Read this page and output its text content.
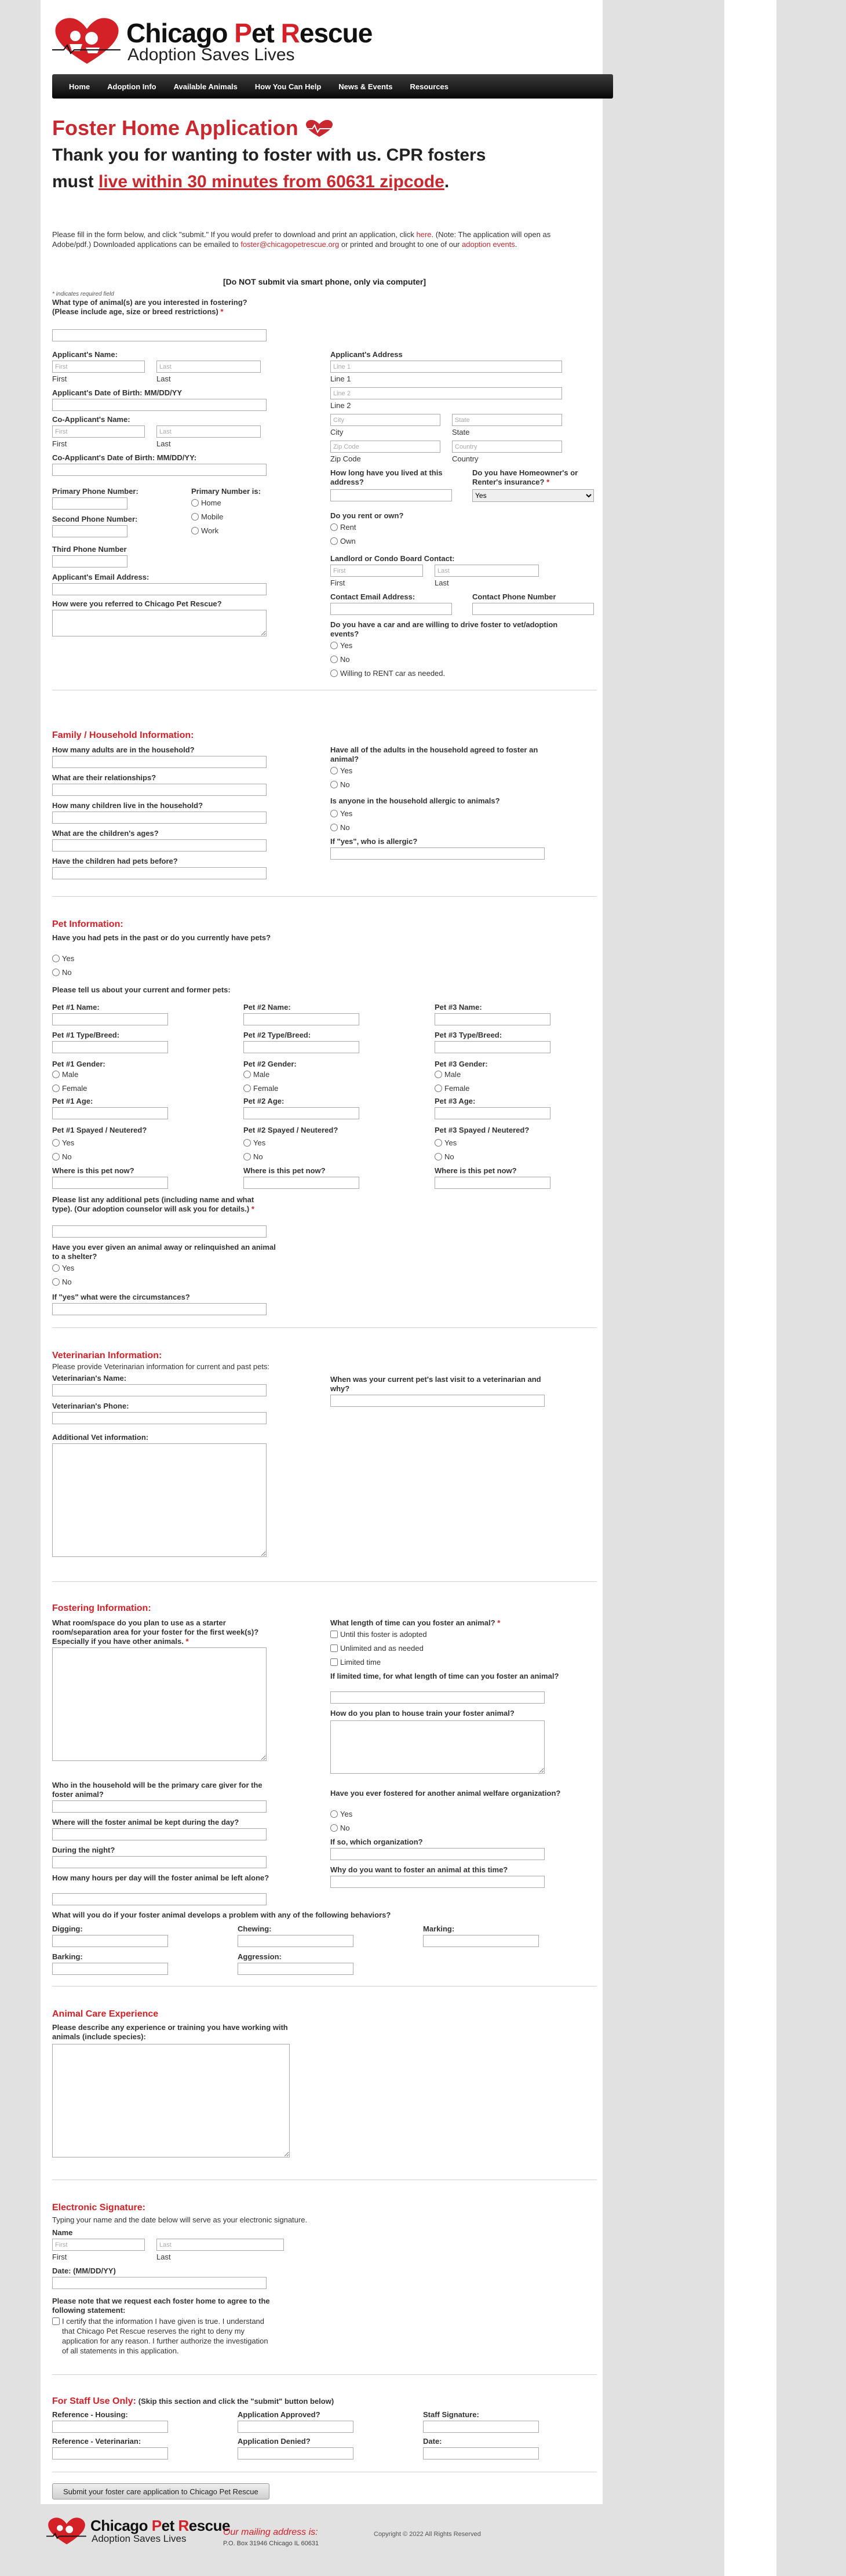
Chicago Pet Rescue
Adoption Saves Lives
Home	Adoption Info	Available Animals	How You Can Help	News & Events	Resources
Foster Home Application
Thank you for wanting to foster with us. CPR fosters
must live within 30 minutes from 60631 zipcode.
Please fill in the form below, and click "submit." If you would prefer to download and print an application, click here. (Note: The application will open as Adobe/pdf.) Downloaded applications can be emailed to foster@chicagopetrescue.org or printed and brought to one of our adoption events.
[Do NOT submit via smart phone, only via computer]
* indicates required field
What type of animal(s) are you interested in fostering? (Please include age, size or breed restrictions) *
Applicant's Name:
First
Last
First	Last
Applicant's Date of Birth: MM/DD/YY
Co-Applicant's Name:
First
Last
First	Last
Co-Applicant's Date of Birth: MM/DD/YY:
Primary Phone Number:	Primary Number is:
Home
Mobile
Work
Second Phone Number:
Third Phone Number
Applicant's Email Address:
How were you referred to Chicago Pet Rescue?
Applicant's Address
Line 1
Line 1
Line 2
Line 2
City
State
City	State
Zip Code
Country
Zip Code	Country
How long have you lived at this address?
Do you have Homeowner's or Renter's insurance? *
Yes
Do you rent or own?
Rent
Own
Landlord or Condo Board Contact:
First
Last
First	Last
Contact Email Address:	Contact Phone Number
Do you have a car and are willing to drive foster to vet/adoption events?
Yes
No
Willing to RENT car as needed.
Family / Household Information:
How many adults are in the household?
What are their relationships?
How many children live in the household?
What are the children's ages?
Have the children had pets before?
Have all of the adults in the household agreed to foster an animal?
Yes
No
Is anyone in the household allergic to animals?
Yes
No
If "yes", who is allergic?
Pet Information:
Have you had pets in the past or do you currently have pets?
Yes
No
Please tell us about your current and former pets:
Pet #1 Name:
Pet #1 Type/Breed:
Pet #1 Gender:
Male
Female
Pet #1 Age:
Pet #1 Spayed / Neutered?
Yes
No
Where is this pet now?
Pet #2 Name:
Pet #2 Type/Breed:
Pet #2 Gender:
Male
Female
Pet #2 Age:
Pet #2 Spayed / Neutered?
Yes
No
Where is this pet now?
Pet #3 Name:
Pet #3 Type/Breed:
Pet #3 Gender:
Male
Female
Pet #3 Age:
Pet #3 Spayed / Neutered?
Yes
No
Where is this pet now?
Please list any additional pets (including name and what type). (Our adoption counselor will ask you for details.) *
Have you ever given an animal away or relinquished an animal to a shelter?
Yes
No
If "yes" what were the circumstances?
Veterinarian Information:
Please provide Veterinarian information for current and past pets:
Veterinarian's Name:
Veterinarian's Phone:
When was your current pet's last visit to a veterinarian and why?
Additional Vet information:
Fostering Information:
What room/space do you plan to use as a starter room/separation area for your foster for the first week(s)? Especially if you have other animals. *
What length of time can you foster an animal? *
Until this foster is adopted
Unlimited and as needed
Limited time
If limited time, for what length of time can you foster an animal?
How do you plan to house train your foster animal?
Who in the household will be the primary care giver for the foster animal?
Where will the foster animal be kept during the day?
During the night?
How many hours per day will the foster animal be left alone?
Have you ever fostered for another animal welfare organization?
Yes
No
If so, which organization?
Why do you want to foster an animal at this time?
What will you do if your foster animal develops a problem with any of the following behaviors?
Digging:	Chewing:	Marking:
Barking:	Aggression:
Animal Care Experience
Please describe any experience or training you have working with animals (include species):
Electronic Signature:
Typing your name and the date below will serve as your electronic signature.
Name
First
Last
First	Last
Date: (MM/DD/YY)
Please note that we request each foster home to agree to the following statement:
I certify that the information I have given is true. I understand that Chicago Pet Rescue reserves the right to deny my application for any reason. I further authorize the investigation of all statements in this application.
For Staff Use Only: (Skip this section and click the "submit" button below)
Reference - Housing:	Application Approved?	Staff Signature:
Reference - Veterinarian:	Application Denied?	Date:
Submit your foster care application to Chicago Pet Rescue
Chicago Pet Rescue
Adoption Saves Lives
Our mailing address is:
P.O. Box 31946 Chicago IL 60631
Copyright © 2022 All Rights Reserved
